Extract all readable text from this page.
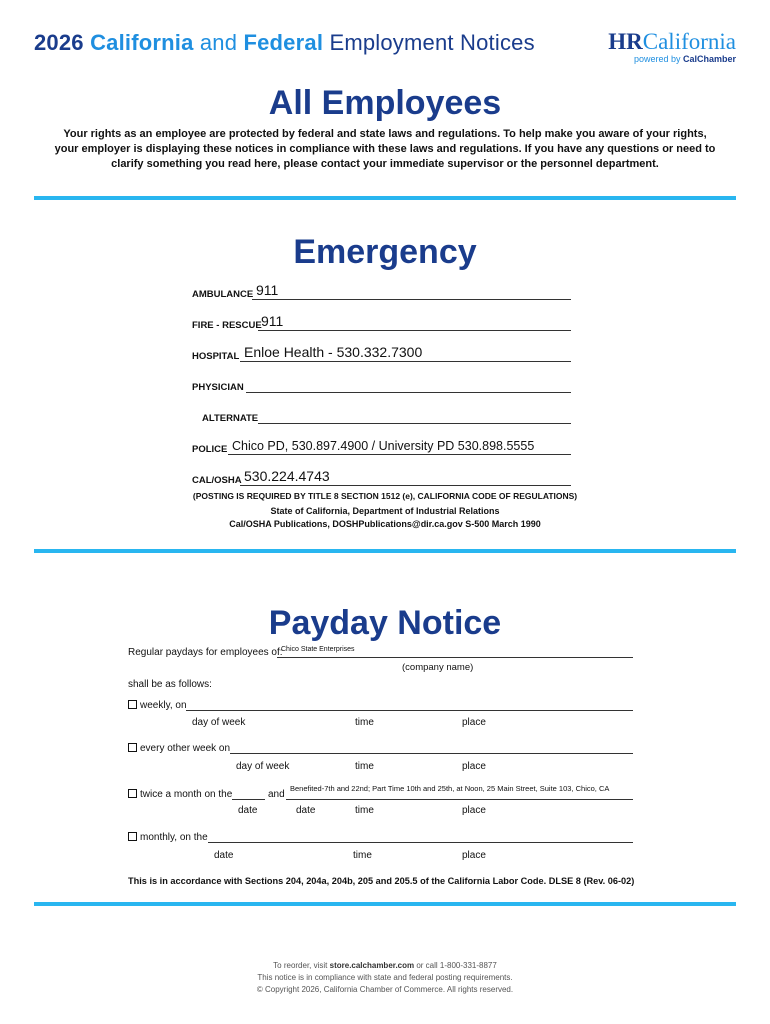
2026 California and Federal Employment Notices	HRCalifornia
powered by CalChamber
All Employees
Your rights as an employee are protected by federal and state laws and regulations. To help make you aware of your rights, your employer is displaying these notices in compliance with these laws and regulations. If you have any questions or need to clarify something you read here, please contact your immediate supervisor or the personnel department.
Emergency
AMBULANCE 911
FIRE - RESCUE 911
HOSPITAL Enloe Health - 530.332.7300
PHYSICIAN
ALTERNATE
POLICE Chico PD, 530.897.4900 / University PD 530.898.5555
CAL/OSHA 530.224.4743
(POSTING IS REQUIRED BY TITLE 8 SECTION 1512 (e), CALIFORNIA CODE OF REGULATIONS)
State of California, Department of Industrial Relations
Cal/OSHA Publications, DOSHPublications@dir.ca.gov S-500 March 1990
Payday Notice
Regular paydays for employees of:
Chico State Enterprises
(company name)
shall be as follows:
weekly, on
day of week	time	place
every other week on
day of week	time	place
twice a month on the	and
Benefited-7th and 22nd; Part Time 10th and 25th, at Noon, 25 Main Street, Suite 103, Chico, CA
date	date	time	place
monthly, on the
date	time	place
This is in accordance with Sections 204, 204a, 204b, 205 and 205.5 of the California Labor Code. DLSE 8 (Rev. 06-02)
To reorder, visit store.calchamber.com or call 1-800-331-8877
This notice is in compliance with state and federal posting requirements.
© Copyright 2026, California Chamber of Commerce. All rights reserved.
